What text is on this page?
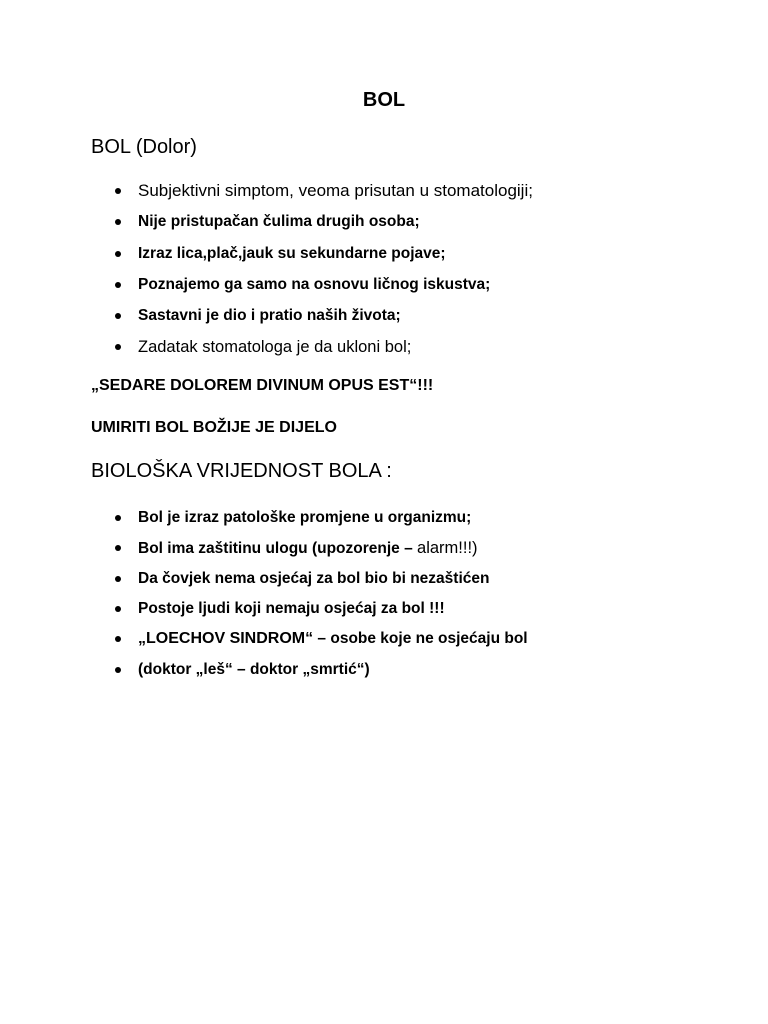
BOL
BOL (Dolor)
Subjektivni simptom, veoma prisutan u stomatologiji;
Nije pristupačan čulima drugih osoba;
Izraz lica,plač,jauk su sekundarne pojave;
Poznajemo ga samo na osnovu ličnog iskustva;
Sastavni je dio i pratio naših života;
Zadatak stomatologa je da ukloni bol;

„SEDARE DOLOREM DIVINUM OPUS EST“!!!

UMIRITI BOL BOŽIJE JE DIJELO

BIOLOŠKA VRIJEDNOST BOLA :
Bol je izraz patološke promjene u organizmu;
Bol ima zaštitinu ulogu (upozorenje – alarm!!!)
Da čovjek nema osjećaj za bol bio bi nezaštićen
Postoje ljudi koji nemaju osjećaj za bol !!!
„LOECHOV SINDROM“ – osobe koje ne osjećaju bol
(doktor „leš“ – doktor „smrtić“)
